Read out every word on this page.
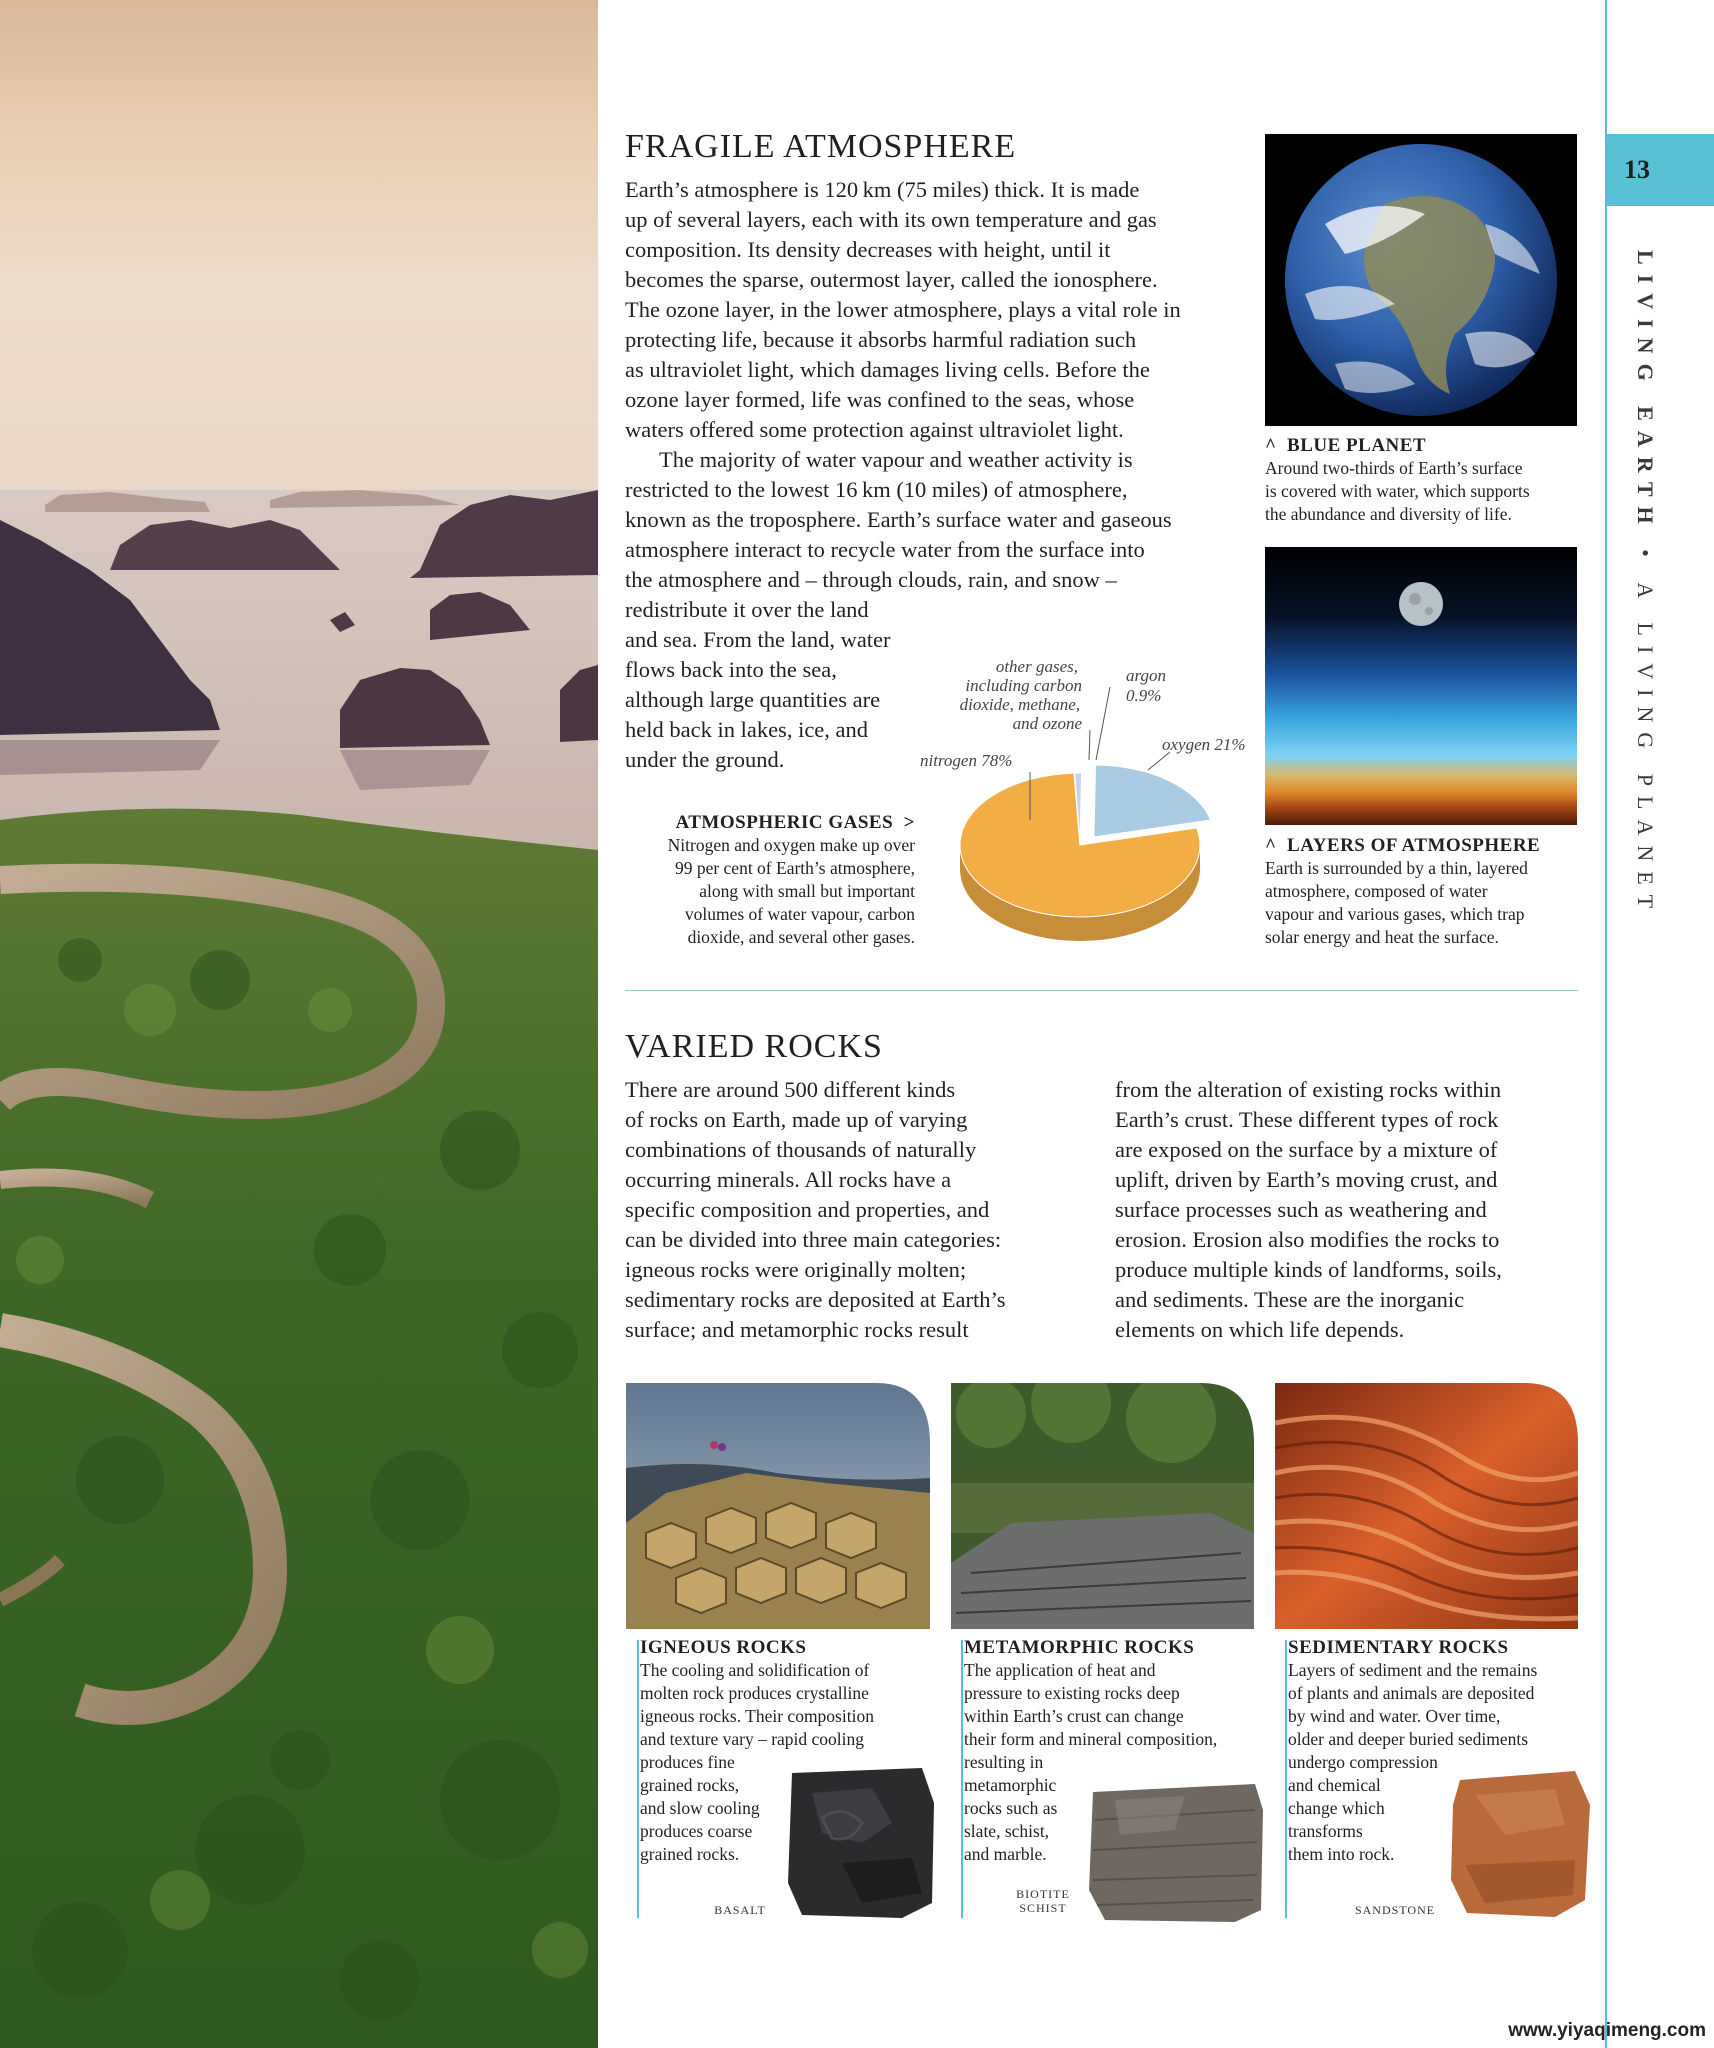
13
LIVING EARTH • A LIVING PLANET
FRAGILE ATMOSPHERE
Earth’s atmosphere is 120 km (75 miles) thick. It is made
up of several layers, each with its own temperature and gas
composition. Its density decreases with height, until it
becomes the sparse, outermost layer, called the ionosphere.
The ozone layer, in the lower atmosphere, plays a vital role in
protecting life, because it absorbs harmful radiation such
as ultraviolet light, which damages living cells. Before the
ozone layer formed, life was confined to the seas, whose
waters offered some protection against ultraviolet light.
The majority of water vapour and weather activity is
restricted to the lowest 16 km (10 miles) of atmosphere,
known as the troposphere. Earth’s surface water and gaseous
atmosphere interact to recycle water from the surface into
the atmosphere and – through clouds, rain, and snow –
redistribute it over the land
and sea. From the land, water
flows back into the sea,
although large quantities are
held back in lakes, ice, and
under the ground.
ATMOSPHERIC GASES >
Nitrogen and oxygen make up over
99 per cent of Earth’s atmosphere,
along with small but important
volumes of water vapour, carbon
dioxide, and several other gases.
nitrogen 78%
oxygen 21%
argon
0.9%
other gases,
including carbon
dioxide, methane,
and ozone
^ BLUE PLANET
Around two-thirds of Earth’s surface
is covered with water, which supports
the abundance and diversity of life.
^ LAYERS OF ATMOSPHERE
Earth is surrounded by a thin, layered
atmosphere, composed of water
vapour and various gases, which trap
solar energy and heat the surface.
VARIED ROCKS
There are around 500 different kinds
of rocks on Earth, made up of varying
combinations of thousands of naturally
occurring minerals. All rocks have a
specific composition and properties, and
can be divided into three main categories:
igneous rocks were originally molten;
sedimentary rocks are deposited at Earth’s
surface; and metamorphic rocks result
from the alteration of existing rocks within
Earth’s crust. These different types of rock
are exposed on the surface by a mixture of
uplift, driven by Earth’s moving crust, and
surface processes such as weathering and
erosion. Erosion also modifies the rocks to
produce multiple kinds of landforms, soils,
and sediments. These are the inorganic
elements on which life depends.
IGNEOUS ROCKS
The cooling and solidification of
molten rock produces crystalline
igneous rocks. Their composition
and texture vary – rapid cooling
produces fine
grained rocks,
and slow cooling
produces coarse
grained rocks.
BASALT
METAMORPHIC ROCKS
The application of heat and
pressure to existing rocks deep
within Earth’s crust can change
their form and mineral composition,
resulting in
metamorphic
rocks such as
slate, schist,
and marble.
BIOTITE
SCHIST
SEDIMENTARY ROCKS
Layers of sediment and the remains
of plants and animals are deposited
by wind and water. Over time,
older and deeper buried sediments
undergo compression
and chemical
change which
transforms
them into rock.
SANDSTONE
www.yiyaqimeng.com
